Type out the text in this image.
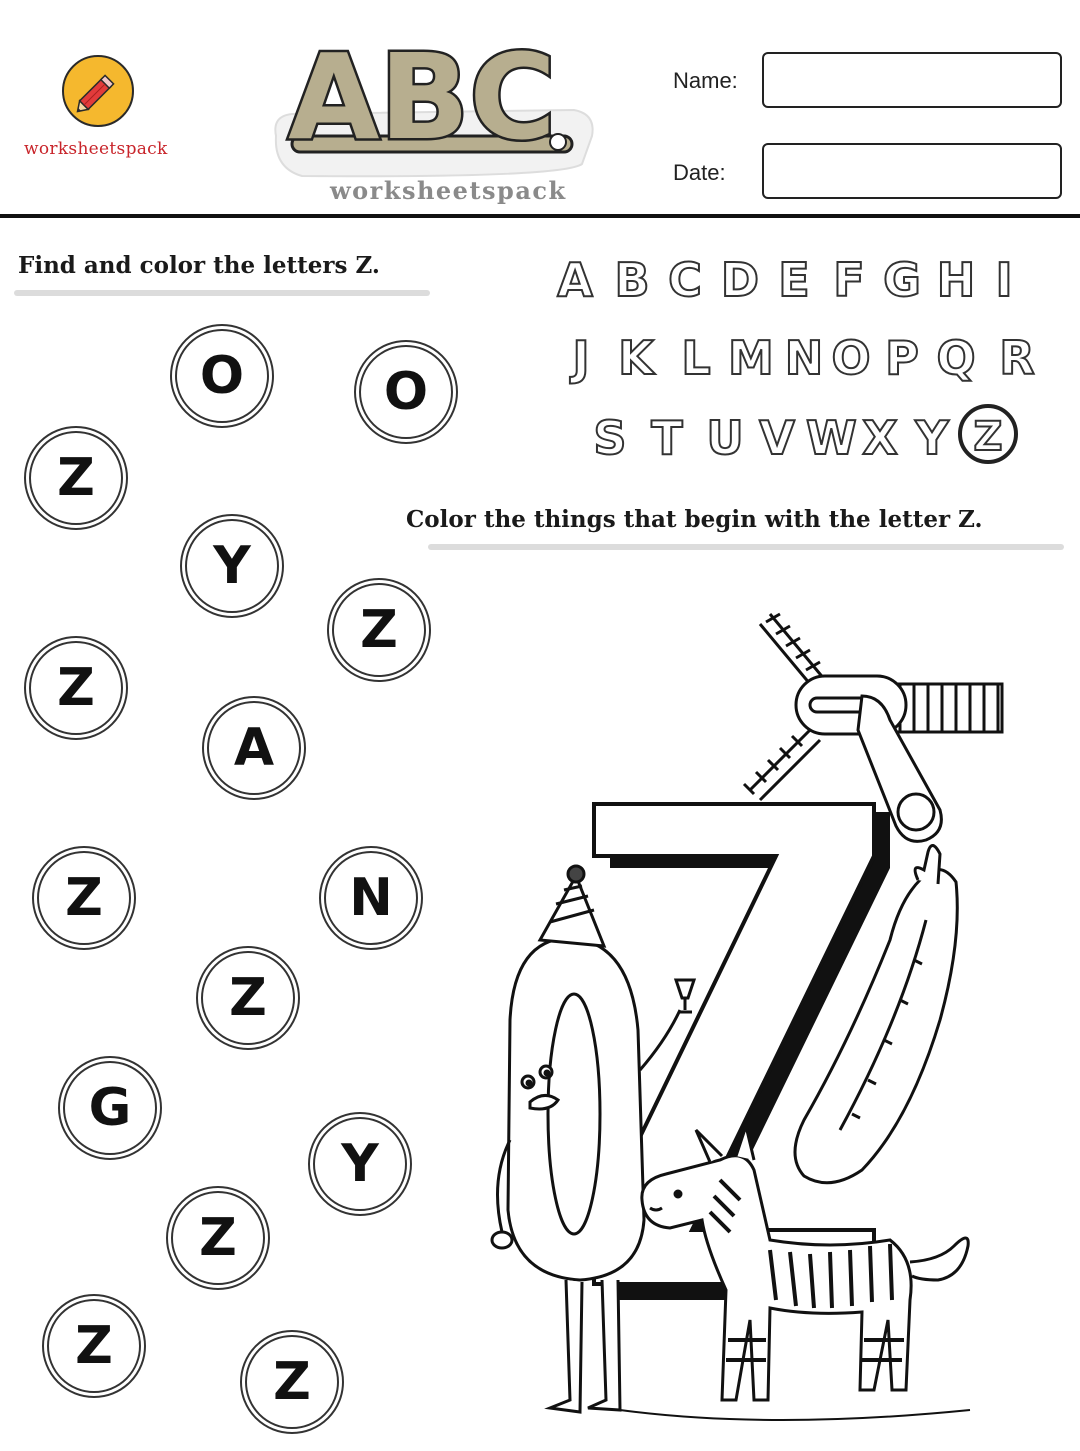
worksheetspack ABC
worksheetspack
Name:
Date:
Find and color the letters Z.
Color the things that begin with the letter Z.
A B C D E F G H I
J K L M N O P Q R
S T U V W X Y Z
O	O
Z
Y
Z
Z
A
Z	N
Z
G
Y
Z
Z
Z
